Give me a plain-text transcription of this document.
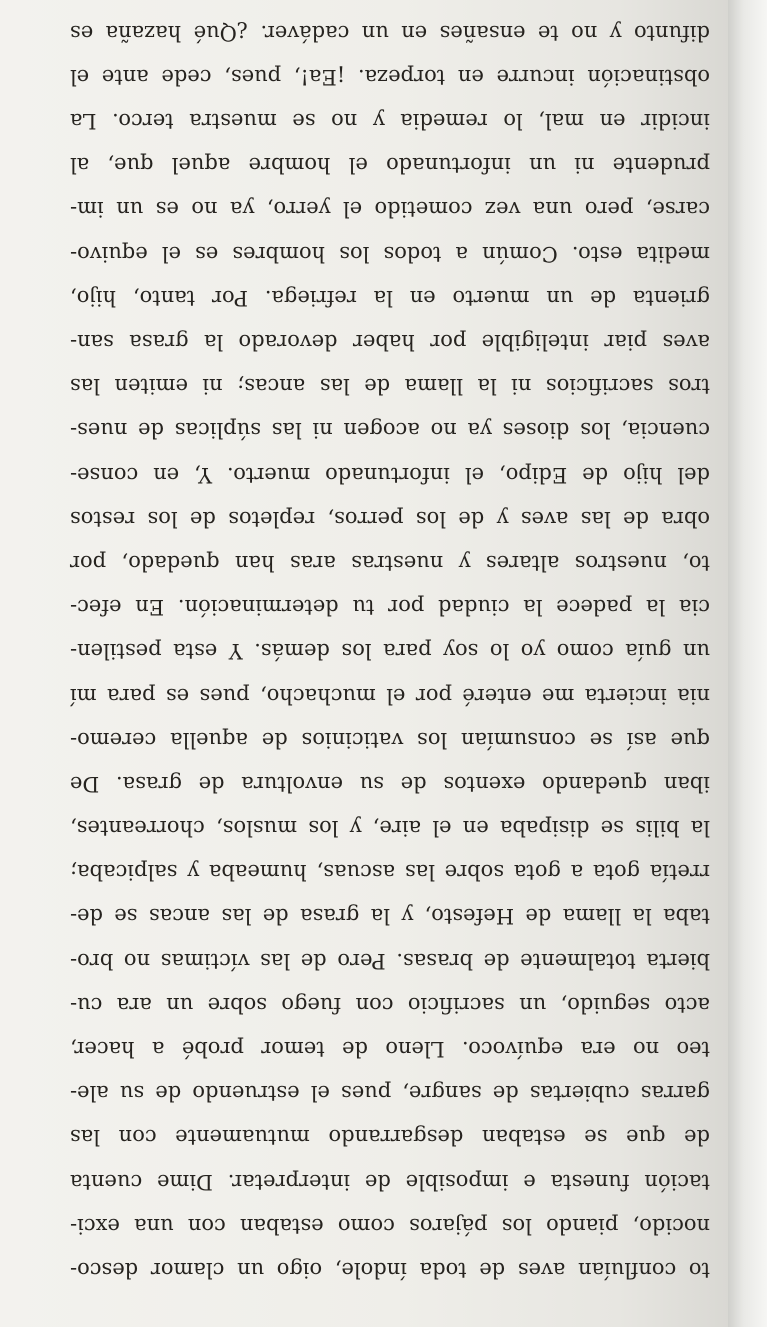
to confluían aves de toda índole, oigo un clamor desco-
nocido, piando los pájaros como estaban con una exci-
tación funesta e imposible de interpretar. Dime cuenta
de que se estaban desgarrando mutuamente con las
garras cubiertas de sangre, pues el estruendo de su ale-
teo no era equívoco. Lleno de temor probé a hacer,
acto seguido, un sacrificio con fuego sobre un ara cu-
bierta totalmente de brasas. Pero de las víctimas no bro-
taba la llama de Hefesto, y la grasa de las ancas se de-
rretía gota a gota sobre las ascuas, humeaba y salpicaba;
la bilis se disipaba en el aire, y los muslos, chorreantes,
iban quedando exentos de su envoltura de grasa. De
que así se consumían los vaticinios de aquella ceremo-
nia incierta me enteré por el muchacho, pues es para mí
un guía como yo lo soy para los demás. Y esta pestilen-
cia la padece la ciudad por tu determinación. En efec-
to, nuestros altares y nuestras aras han quedado, por
obra de las aves y de los perros, repletos de los restos
del hijo de Edipo, el infortunado muerto. Y, en conse-
cuencia, los dioses ya no acogen ni las súplicas de nues-
tros sacrificios ni la llama de las ancas; ni emiten las
aves piar inteligible por haber devorado la grasa san-
grienta de un muerto en la refriega. Por tanto, hijo,
medita esto. Común a todos los hombres es el equivo-
carse, pero una vez cometido el yerro, ya no es un im-
prudente ni un infortunado el hombre aquel que, al
incidir en mal, lo remedia y no se muestra terco. La
obstinación incurre en torpeza. ¡Ea!, pues, cede ante el
difunto y no te ensañes en un cadáver. ¿Qué hazaña es
